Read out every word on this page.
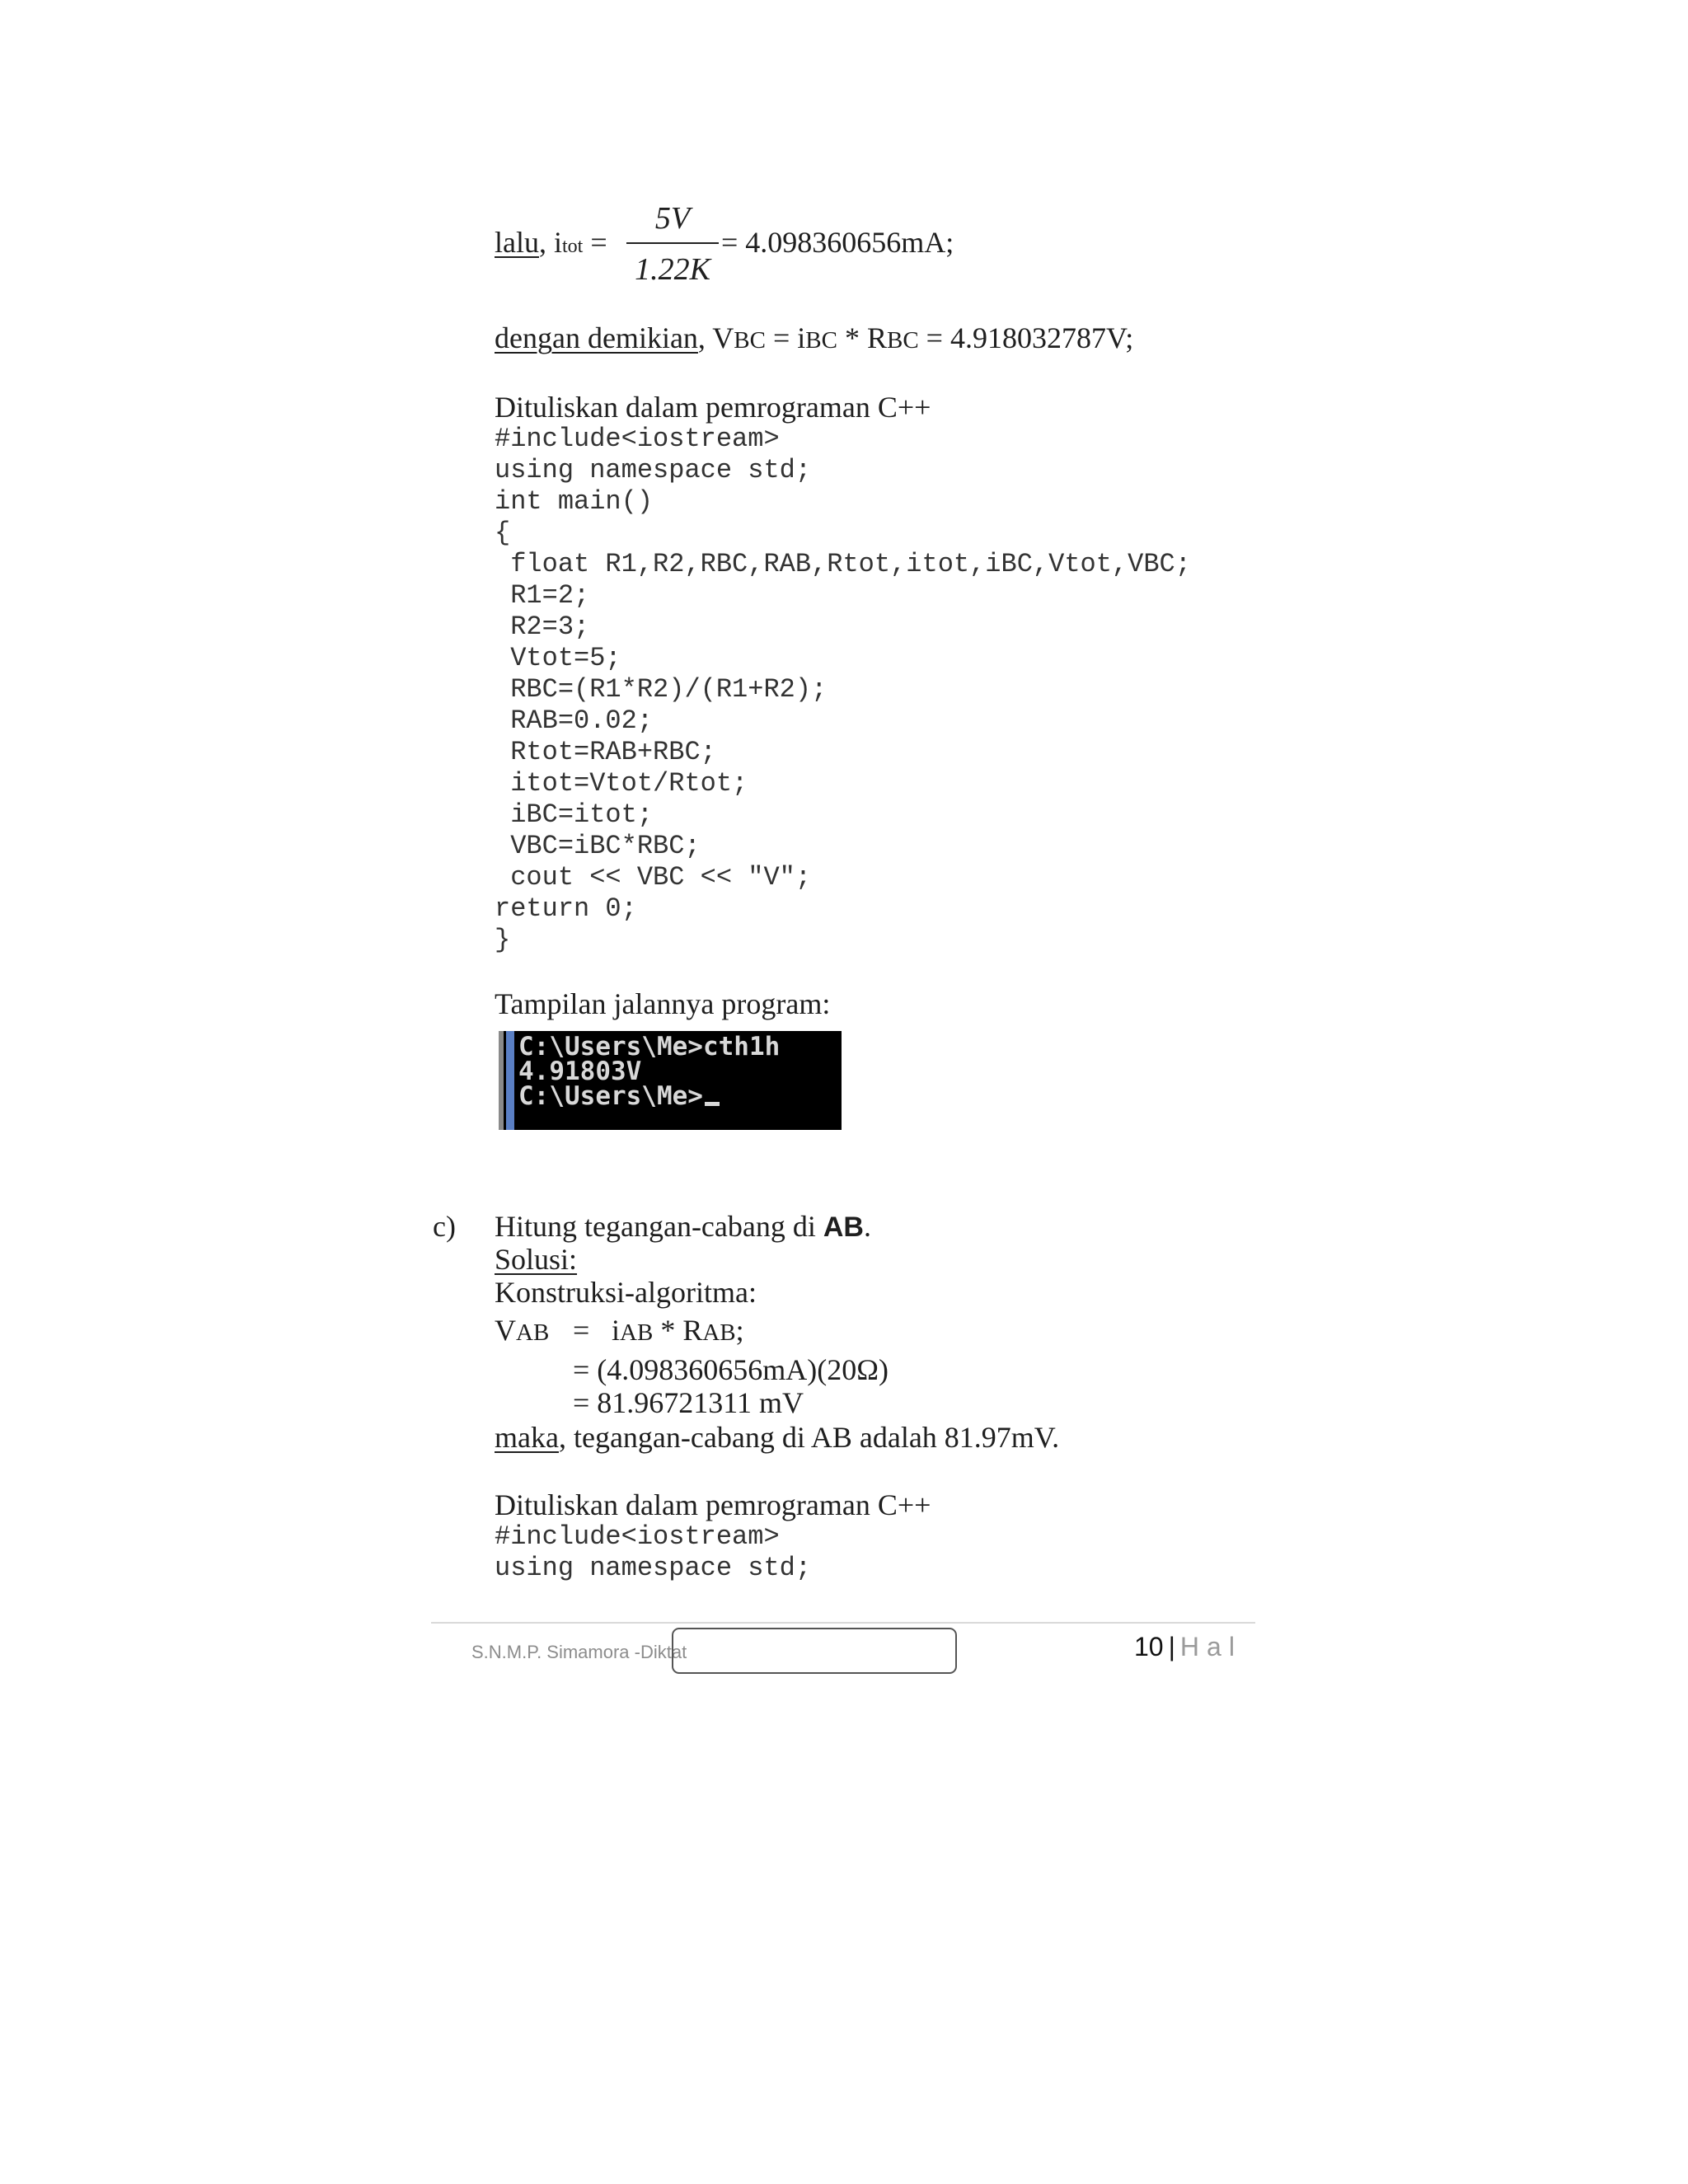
lalu, itot =
5V
1.22K
= 4.098360656mA;
dengan demikian, VBC = iBC * RBC = 4.918032787V;
Dituliskan dalam pemrograman C++
#include<iostream>
using namespace std;
int main()
{
float R1,R2,RBC,RAB,Rtot,itot,iBC,Vtot,VBC;
R1=2;
R2=3;
Vtot=5;
RBC=(R1*R2)/(R1+R2);
RAB=0.02;
Rtot=RAB+RBC;
itot=Vtot/Rtot;
iBC=itot;
VBC=iBC*RBC;
cout << VBC << "V";
return 0;
}
Tampilan jalannya program:
C:\Users\Me>cth1h
4.91803V
C:\Users\Me>
c) Hitung tegangan-cabang di AB.
Solusi:
Konstruksi-algoritma:
VAB = iAB * RAB;
= (4.098360656mA)(20Ω)
= 81.96721311 mV
maka, tegangan-cabang di AB adalah 81.97mV.
Dituliskan dalam pemrograman C++
#include<iostream>
using namespace std;
S.N.M.P. Simamora -Diktat	10 | Hal
